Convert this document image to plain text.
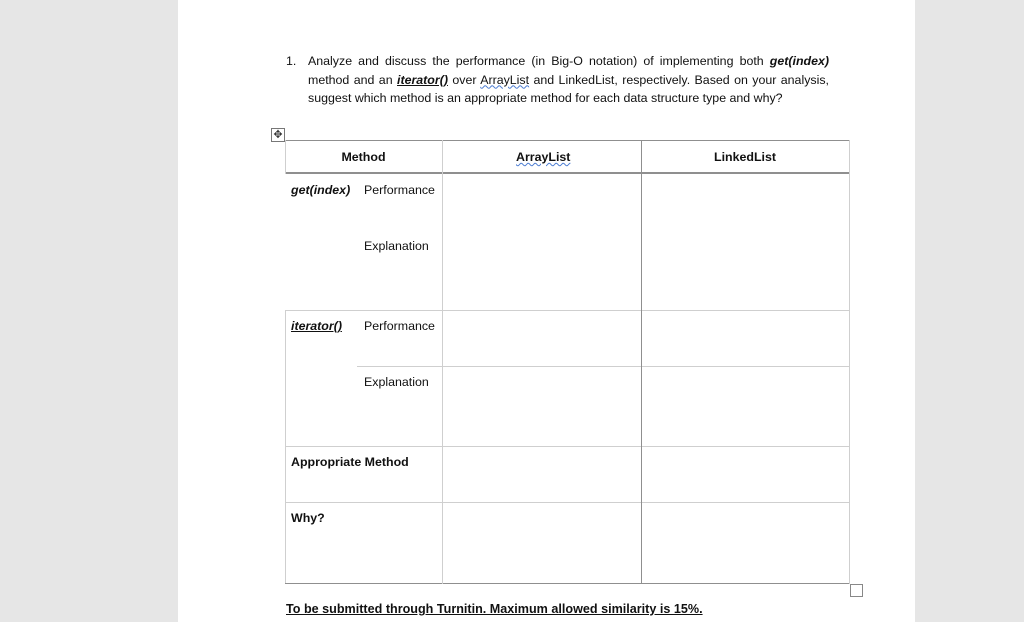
1. Analyze and discuss the performance (in Big-O notation) of implementing both get(index) method and an iterator() over ArrayList and LinkedList, respectively. Based on your analysis, suggest which method is an appropriate method for each data structure type and why?
✥
Method	ArrayList	LinkedList
get(index) Performance
Explanation
iterator() Performance
Explanation
Appropriate Method
Why?
To be submitted through Turnitin. Maximum allowed similarity is 15%.
